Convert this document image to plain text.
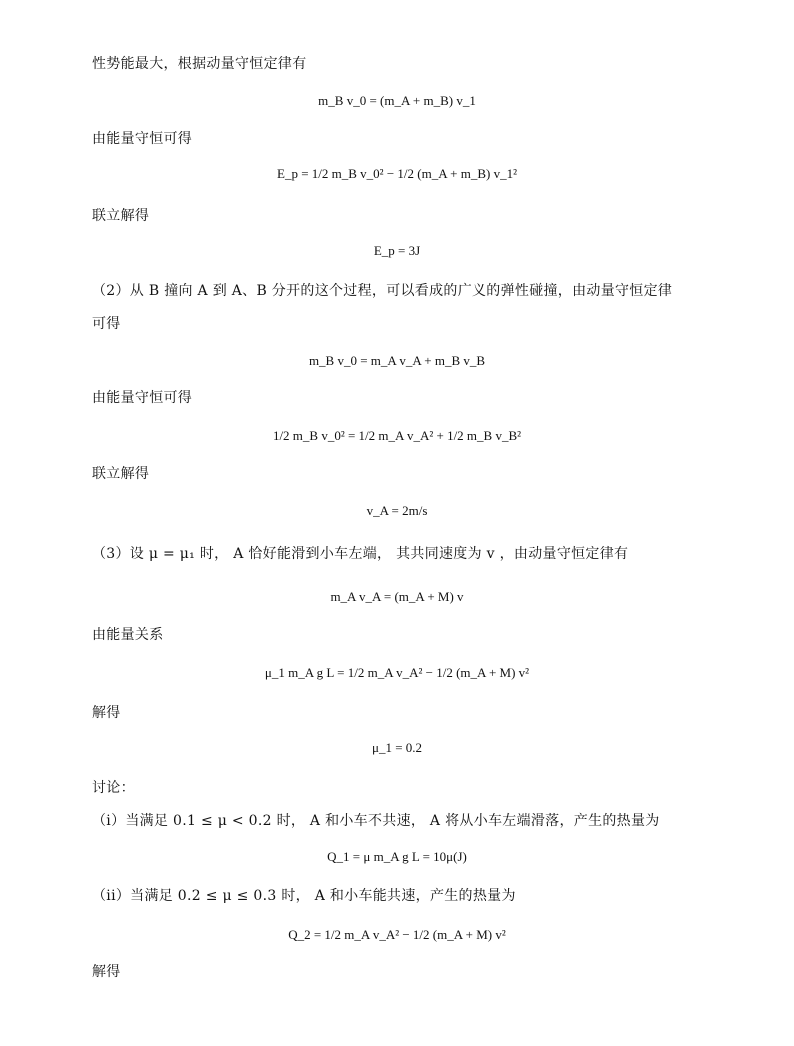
性势能最大，根据动量守恒定律有
m_B v_0 = (m_A + m_B) v_1
由能量守恒可得
E_p = 1/2 m_B v_0² − 1/2 (m_A + m_B) v_1²
联立解得
E_p = 3J
（2）从 B 撞向 A 到 A、B 分开的这个过程，可以看成的广义的弹性碰撞，由动量守恒定律
可得
m_B v_0 = m_A v_A + m_B v_B
由能量守恒可得
1/2 m_B v_0² = 1/2 m_A v_A² + 1/2 m_B v_B²
联立解得
v_A = 2m/s
（3）设 μ = μ₁ 时， A 恰好能滑到小车左端， 其共同速度为 v ，由动量守恒定律有
m_A v_A = (m_A + M) v
由能量关系
μ_1 m_A g L = 1/2 m_A v_A² − 1/2 (m_A + M) v²
解得
μ_1 = 0.2
讨论：
（i）当满足 0.1 ≤ μ < 0.2 时， A 和小车不共速， A 将从小车左端滑落，产生的热量为
Q_1 = μ m_A g L = 10μ(J)
（ii）当满足 0.2 ≤ μ ≤ 0.3 时， A 和小车能共速，产生的热量为
Q_2 = 1/2 m_A v_A² − 1/2 (m_A + M) v²
解得
